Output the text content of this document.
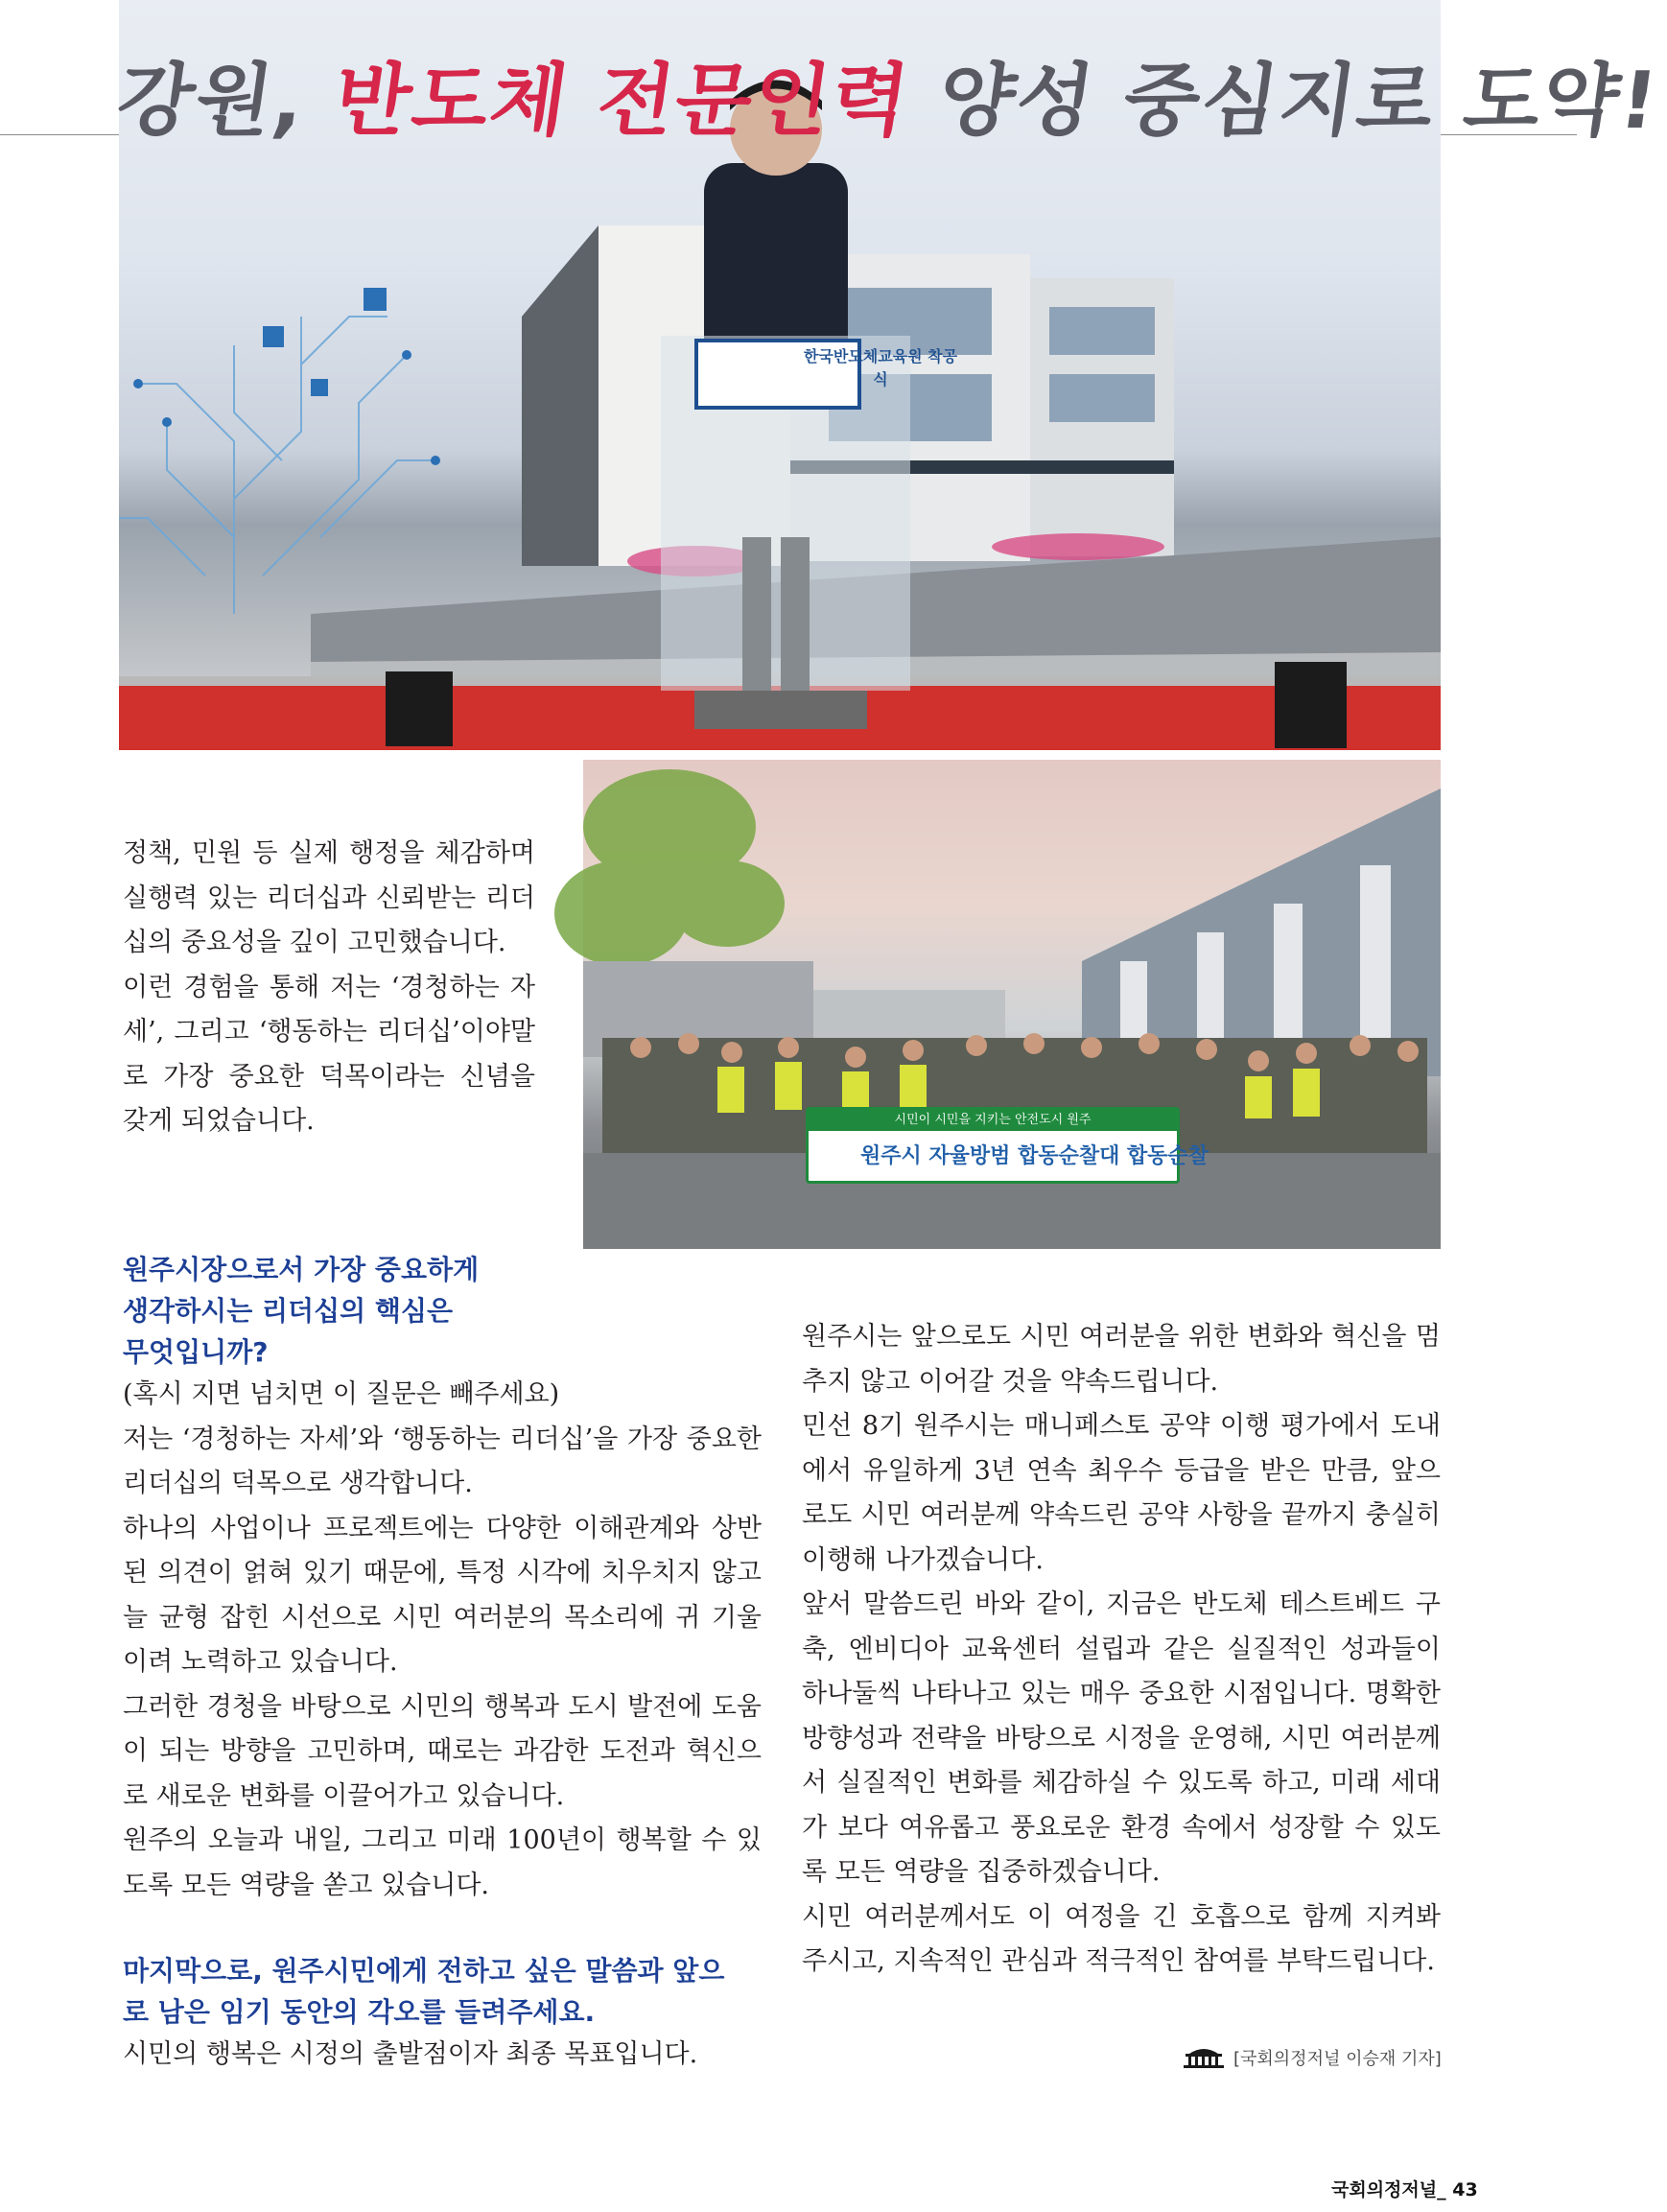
강원, 반도체 전문인력 양성 중심지로 도약!
한국반도체교육원 착공식
시민이 시민을 지키는 안전도시 원주
원주시 자율방범 합동순찰대 합동순찰

정책, 민원 등 실제 행정을 체감하며 실행력 있는 리더십과 신뢰받는 리더십의 중요성을 깊이 고민했습니다.

이런 경험을 통해 저는 ‘경청하는 자세’, 그리고 ‘행동하는 리더십’이야말로 가장 중요한 덕목이라는 신념을 갖게 되었습니다.

원주시장으로서 가장 중요하게

생각하시는 리더십의 핵심은

무엇입니까?

(혹시 지면 넘치면 이 질문은 빼주세요)

저는 ‘경청하는 자세’와 ‘행동하는 리더십’을 가장 중요한 리더십의 덕목으로 생각합니다.

하나의 사업이나 프로젝트에는 다양한 이해관계와 상반된 의견이 얽혀 있기 때문에, 특정 시각에 치우치지 않고 늘 균형 잡힌 시선으로 시민 여러분의 목소리에 귀 기울이려 노력하고 있습니다.

그러한 경청을 바탕으로 시민의 행복과 도시 발전에 도움이 되는 방향을 고민하며, 때로는 과감한 도전과 혁신으로 새로운 변화를 이끌어가고 있습니다.

원주의 오늘과 내일, 그리고 미래 100년이 행복할 수 있도록 모든 역량을 쏟고 있습니다.

마지막으로, 원주시민에게 전하고 싶은 말씀과 앞으

로 남은 임기 동안의 각오를 들려주세요.

시민의 행복은 시정의 출발점이자 최종 목표입니다.

원주시는 앞으로도 시민 여러분을 위한 변화와 혁신을 멈추지 않고 이어갈 것을 약속드립니다.

민선 8기 원주시는 매니페스토 공약 이행 평가에서 도내에서 유일하게 3년 연속 최우수 등급을 받은 만큼, 앞으로도 시민 여러분께 약속드린 공약 사항을 끝까지 충실히 이행해 나가겠습니다.

앞서 말씀드린 바와 같이, 지금은 반도체 테스트베드 구축, 엔비디아 교육센터 설립과 같은 실질적인 성과들이 하나둘씩 나타나고 있는 매우 중요한 시점입니다. 명확한 방향성과 전략을 바탕으로 시정을 운영해, 시민 여러분께서 실질적인 변화를 체감하실 수 있도록 하고, 미래 세대가 보다 여유롭고 풍요로운 환경 속에서 성장할 수 있도록 모든 역량을 집중하겠습니다.

시민 여러분께서도 이 여정을 긴 호흡으로 함께 지켜봐 주시고, 지속적인 관심과 적극적인 참여를 부탁드립니다.

[국회의정저널 이승재 기자]
국회의정저널_ 43
